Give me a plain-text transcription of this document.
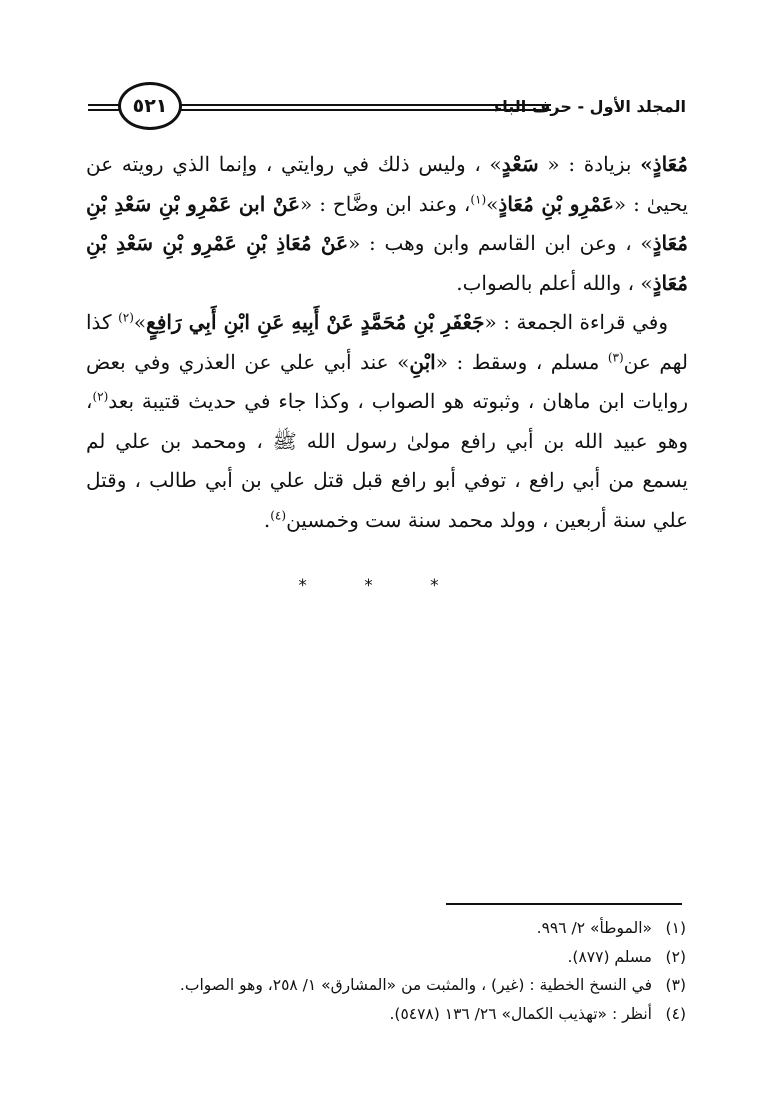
٥٢١	المجلد الأول - حرف الباء

مُعَاذٍ» بزيادة : « سَعْدٍ» ، وليس ذلك في روايتي ، وإنما الذي رويته عن يحيىٰ : «عَمْرِو بْنِ مُعَاذٍ»$^{(١)}$، وعند ابن وضَّاح : «عَنْ ابن عَمْرِو بْنِ سَعْدِ بْنِ مُعَاذٍ» ، وعن ابن القاسم وابن وهب : «عَنْ مُعَاذِ بْنِ عَمْرِو بْنِ سَعْدِ بْنِ مُعَاذٍ» ، والله أعلم بالصواب.

وفي قراءة الجمعة : «جَعْفَرِ بْنِ مُحَمَّدٍ عَنْ أَبِيهِ عَنِ ابْنِ أَبِي رَافِعٍ»$^{(٢)}$ كذا لهم عن$^{(٣)}$ مسلم ، وسقط : «ابْنِ» عند أبي علي عن العذري وفي بعض روايات ابن ماهان ، وثبوته هو الصواب ، وكذا جاء في حديث قتيبة بعد$^{(٢)}$، وهو عبيد الله بن أبي رافع مولىٰ رسول الله ﷺ ، ومحمد بن علي لم يسمع من أبي رافع ، توفي أبو رافع قبل قتل علي بن أبي طالب ، وقتل علي سنة أربعين ، وولد محمد سنة ست وخمسين$^{(٤)}$.

* * *
(١)«الموطأ» ٢/ ٩٩٦.
(٢)مسلم (٨٧٧).
(٣)في النسخ الخطية : (غير) ، والمثبت من «المشارق» ١/ ٢٥٨، وهو الصواب.
(٤)أنظر : «تهذيب الكمال» ٢٦/ ١٣٦ (٥٤٧٨).
